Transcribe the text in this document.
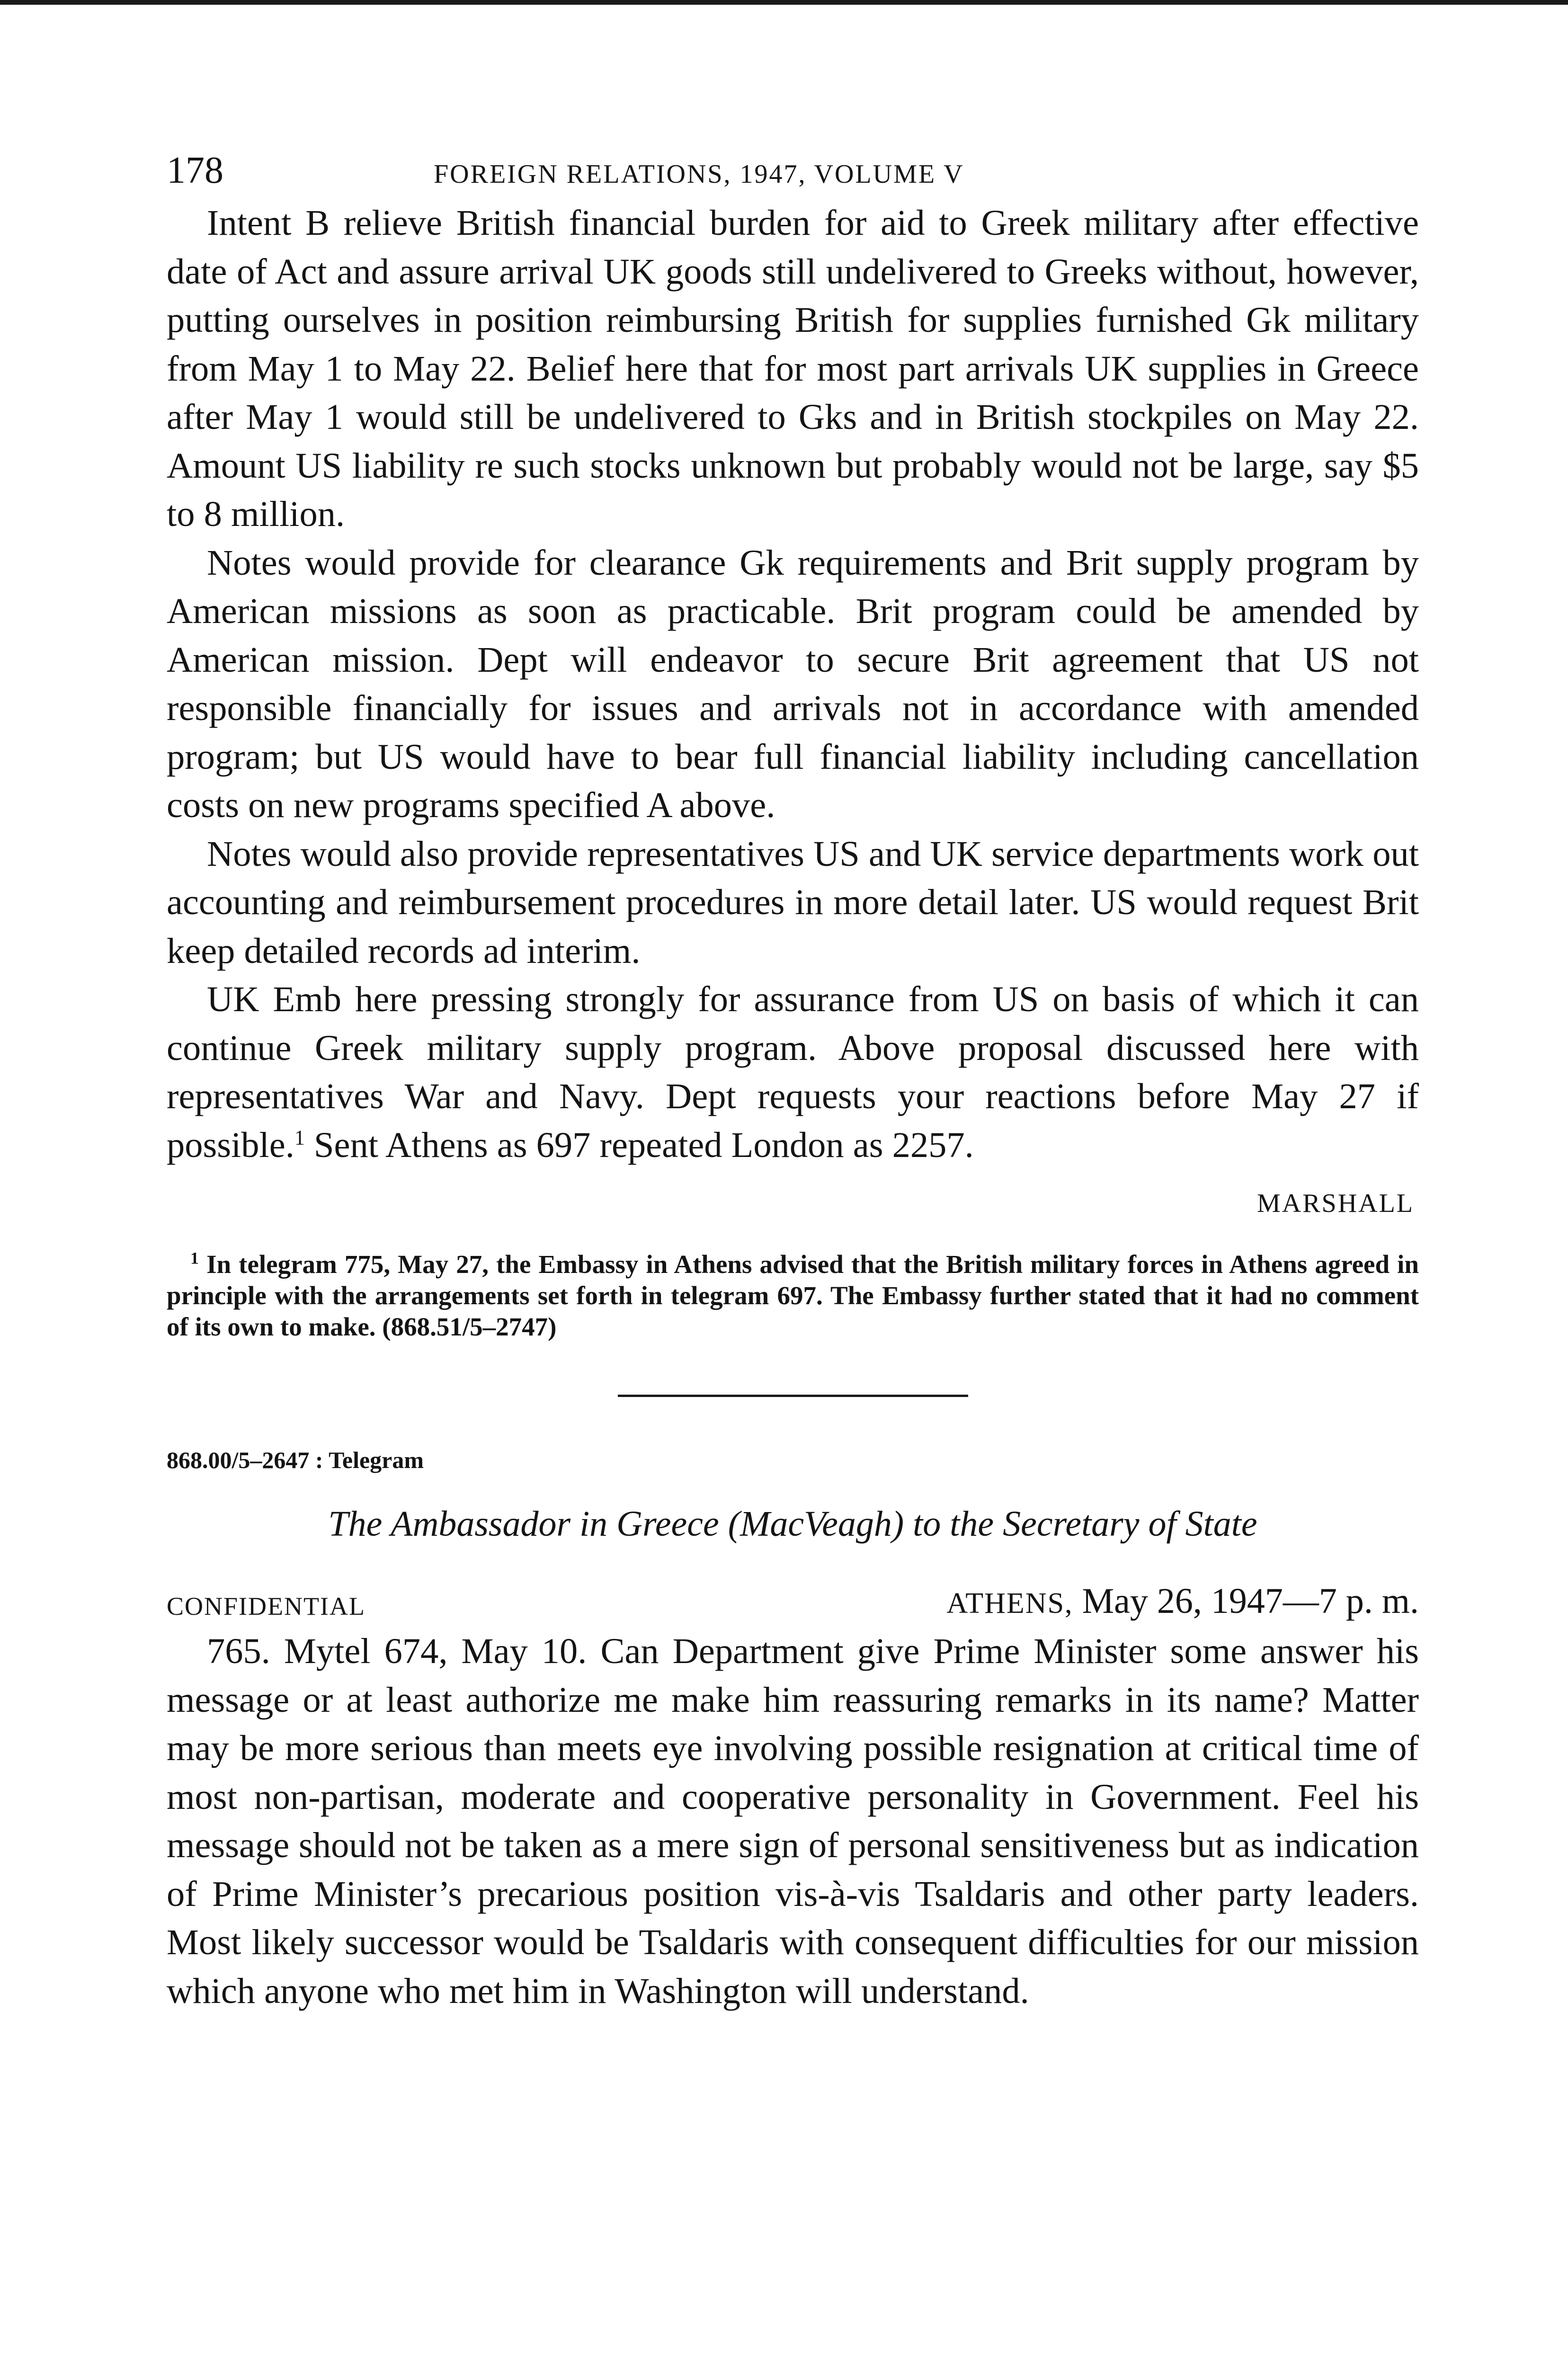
178	FOREIGN RELATIONS, 1947, VOLUME V

Intent B relieve British financial burden for aid to Greek military after effective date of Act and assure arrival UK goods still undelivered to Greeks without, however, putting ourselves in position reimbursing British for supplies furnished Gk military from May 1 to May 22. Belief here that for most part arrivals UK supplies in Greece after May 1 would still be undelivered to Gks and in British stockpiles on May 22. Amount US liability re such stocks unknown but probably would not be large, say $5 to 8 million.

Notes would provide for clearance Gk requirements and Brit supply program by American missions as soon as practicable. Brit program could be amended by American mission. Dept will endeavor to secure Brit agreement that US not responsible financially for issues and arrivals not in accordance with amended program; but US would have to bear full financial liability including cancellation costs on new programs specified A above.

Notes would also provide representatives US and UK service departments work out accounting and reimbursement procedures in more detail later. US would request Brit keep detailed records ad interim.

UK Emb here pressing strongly for assurance from US on basis of which it can continue Greek military supply program. Above proposal discussed here with representatives War and Navy. Dept requests your reactions before May 27 if possible.$^1$ Sent Athens as 697 repeated London as 2257.

MARSHALL
$^1$ In telegram 775, May 27, the Embassy in Athens advised that the British military forces in Athens agreed in principle with the arrangements set forth in telegram 697. The Embassy further stated that it had no comment of its own to make. (868.51/5–2747)
868.00/5–2647 : Telegram
The Ambassador in Greece (MacVeagh) to the Secretary of State
CONFIDENTIAL	ATHENS, May 26, 1947—7 p. m.

765. Mytel 674, May 10. Can Department give Prime Minister some answer his message or at least authorize me make him reassuring remarks in its name? Matter may be more serious than meets eye involving possible resignation at critical time of most non-partisan, moderate and cooperative personality in Government. Feel his message should not be taken as a mere sign of personal sensitiveness but as indication of Prime Minister’s precarious position vis-à-vis Tsaldaris and other party leaders. Most likely successor would be Tsaldaris with consequent difficulties for our mission which anyone who met him in Washington will understand.
